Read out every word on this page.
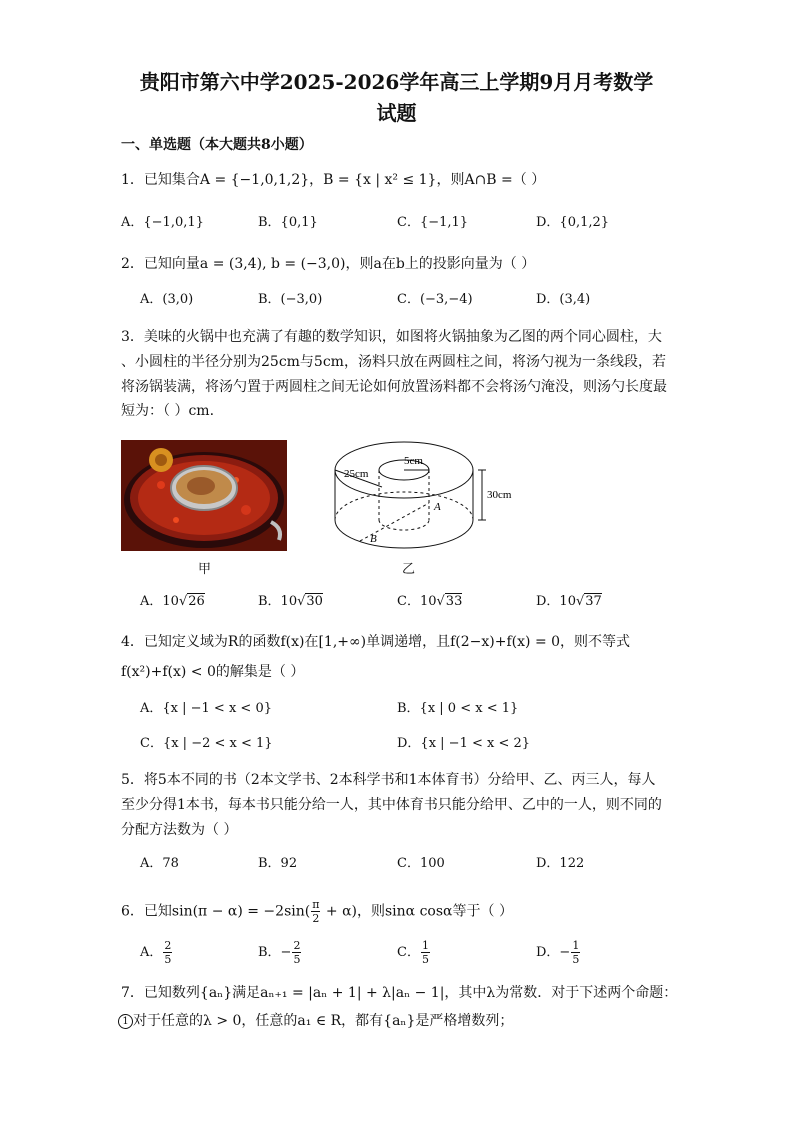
贵阳市第六中学2025-2026学年高三上学期9月月考数学
试题
一、单选题（本大题共8小题）
1．已知集合A = {−1,0,1,2}，B = {x | x² ≤ 1}，则A∩B =（ ）
A．{−1,0,1}	B．{0,1}	C．{−1,1}	D．{0,1,2}
2．已知向量a = (3,4), b = (−3,0)，则a在b上的投影向量为（ ）
A．(3,0)	B．(−3,0)	C．(−3,−4)	D．(3,4)
3．美味的火锅中也充满了有趣的数学知识，如图将火锅抽象为乙图的两个同心圆柱，大
、小圆柱的半径分别为25cm与5cm，汤料只放在两圆柱之间，将汤勺视为一条线段，若
将汤锅装满，将汤勺置于两圆柱之间无论如何放置汤料都不会将汤勺淹没，则汤勺长度最
短为：（ ）cm.
25cm
5cm
30cm
A
B
甲	乙
A．10√26	B．10√30	C．10√33	D．10√37
4．已知定义域为R的函数f(x)在[1,+∞)单调递增，且f(2−x)+f(x) = 0，则不等式
f(x²)+f(x) < 0的解集是（ ）
A．{x | −1 < x < 0}	B．{x | 0 < x < 1}
C．{x | −2 < x < 1}	D．{x | −1 < x < 2}
5．将5本不同的书（2本文学书、2本科学书和1本体育书）分给甲、乙、丙三人，每人
至少分得1本书，每本书只能分给一人，其中体育书只能分给甲、乙中的一人，则不同的
分配方法数为（ ）
A．78	B．92	C．100	D．122
6．已知$\sin(\pi - \alpha) = -2\sin( \frac{\pi}{2} + \alpha)$，则sinα cosα等于（ ）
A． $\frac{2}{5}$	B．− $\frac{2}{5}$	C． $\frac{1}{5}$	D．− $\frac{1}{5}$
7．已知数列{aₙ}满足aₙ₊₁ = |aₙ + 1| + λ|aₙ − 1|，其中λ为常数．对于下述两个命题：
1 对于任意的λ > 0，任意的a₁ ∈ R，都有{aₙ}是严格增数列；
